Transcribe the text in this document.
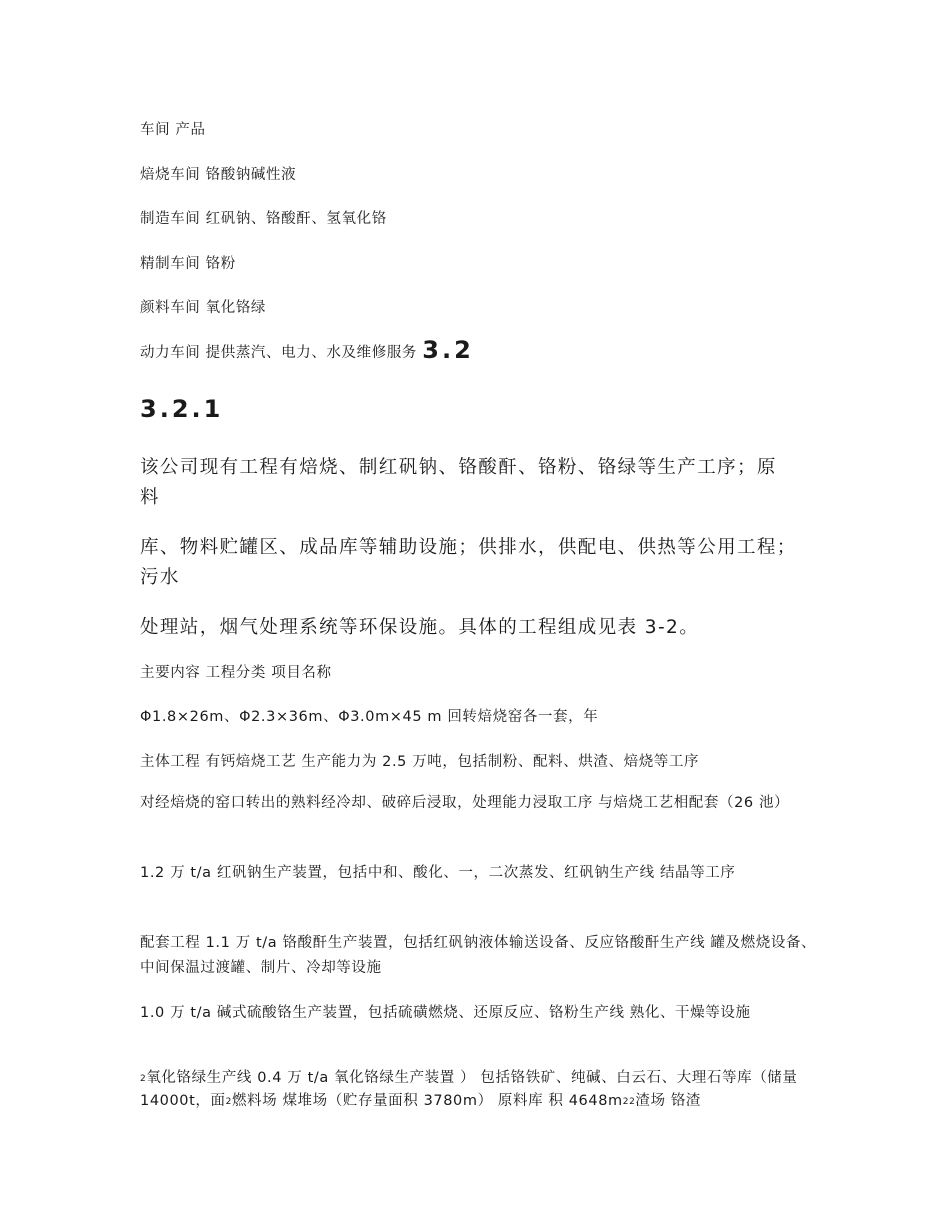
车间 产品
焙烧车间 铬酸钠碱性液
制造车间 红矾钠、铬酸酐、氢氧化铬
精制车间 铬粉
颜料车间 氧化铬绿
动力车间 提供蒸汽、电力、水及维修服务 3.2
3.2.1
该公司现有工程有焙烧、制红矾钠、铬酸酐、铬粉、铬绿等生产工序；原
料
库、物料贮罐区、成品库等辅助设施；供排水，供配电、供热等公用工程；
污水
处理站，烟气处理系统等环保设施。具体的工程组成见表 3-2。
主要内容 工程分类 项目名称
Φ1.8×26m、Φ2.3×36m、Φ3.0m×45 m 回转焙烧窑各一套，年
主体工程 有钙焙烧工艺 生产能力为 2.5 万吨，包括制粉、配料、烘渣、焙烧等工序
对经焙烧的窑口转出的熟料经冷却、破碎后浸取，处理能力浸取工序 与焙烧工艺相配套（26 池）
1.2 万 t/a 红矾钠生产装置，包括中和、酸化、一，二次蒸发、红矾钠生产线 结晶等工序
配套工程 1.1 万 t/a 铬酸酐生产装置，包括红矾钠液体输送设备、反应铬酸酐生产线 罐及燃烧设备、中间保温过渡罐、制片、冷却等设施
1.0 万 t/a 碱式硫酸铬生产装置，包括硫磺燃烧、还原反应、铬粉生产线 熟化、干燥等设施
2氧化铬绿生产线 0.4 万 t/a 氧化铬绿生产装置 ） 包括铬铁矿、纯碱、白云石、大理石等库（储量 14000t，面2燃料场 煤堆场（贮存量面积 3780m） 原料库 积 4648m22渣场 铬渣
